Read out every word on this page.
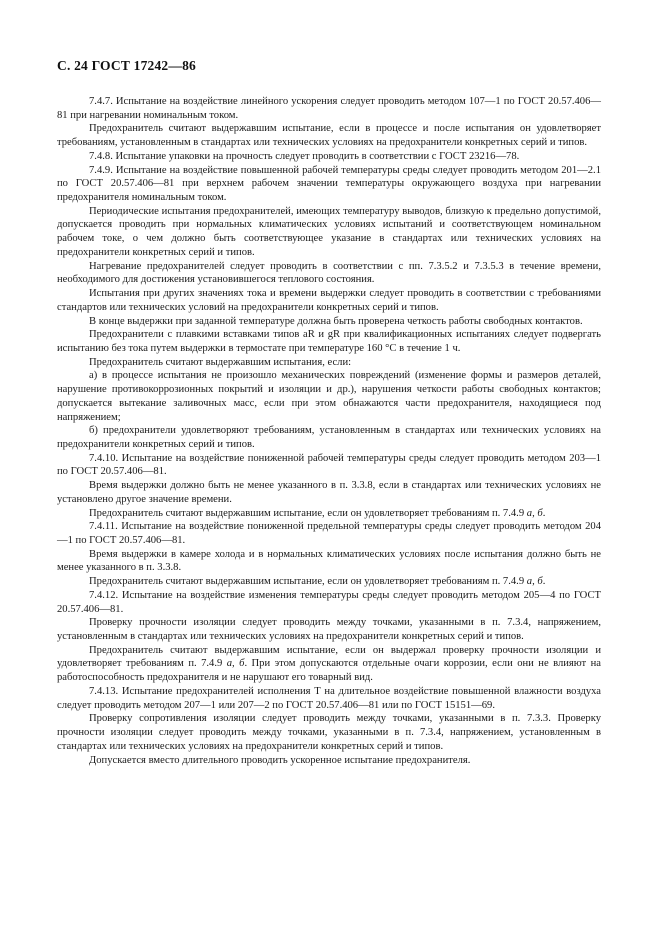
С. 24 ГОСТ 17242—86

7.4.7. Испытание на воздействие линейного ускорения следует проводить методом 107—1 по ГОСТ 20.57.406—81 при нагревании номинальным током.

Предохранитель считают выдержавшим испытание, если в процессе и после испытания он удовлетворяет требованиям, установленным в стандартах или технических условиях на предохранители конкретных серий и типов.

7.4.8. Испытание упаковки на прочность следует проводить в соответствии с ГОСТ 23216—78.

7.4.9. Испытание на воздействие повышенной рабочей температуры среды следует проводить методом 201—2.1 по ГОСТ 20.57.406—81 при верхнем рабочем значении температуры окружающего воздуха при нагревании предохранителя номинальным током.

Периодические испытания предохранителей, имеющих температуру выводов, близкую к предельно допустимой, допускается проводить при нормальных климатических условиях испытаний и соответствующем номинальном рабочем токе, о чем должно быть соответствующее указание в стандартах или технических условиях на предохранители конкретных серий и типов.

Нагревание предохранителей следует проводить в соответствии с пп. 7.3.5.2 и 7.3.5.3 в течение времени, необходимого для достижения установившегося теплового состояния.

Испытания при других значениях тока и времени выдержки следует проводить в соответствии с требованиями стандартов или технических условий на предохранители конкретных серий и типов.

В конце выдержки при заданной температуре должна быть проверена четкость работы свободных контактов.

Предохранители с плавкими вставками типов aR и gR при квалификационных испытаниях следует подвергать испытанию без тока путем выдержки в термостате при температуре 160 °С в течение 1 ч.

Предохранитель считают выдержавшим испытания, если:

а) в процессе испытания не произошло механических повреждений (изменение формы и размеров деталей, нарушение противокоррозионных покрытий и изоляции и др.), нарушения четкости работы свободных контактов; допускается вытекание заливочных масс, если при этом обнажаются части предохранителя, находящиеся под напряжением;

б) предохранители удовлетворяют требованиям, установленным в стандартах или технических условиях на предохранители конкретных серий и типов.

7.4.10. Испытание на воздействие пониженной рабочей температуры среды следует проводить методом 203—1 по ГОСТ 20.57.406—81.

Время выдержки должно быть не менее указанного в п. 3.3.8, если в стандартах или технических условиях не установлено другое значение времени.

Предохранитель считают выдержавшим испытание, если он удовлетворяет требованиям п. 7.4.9 а, б.

7.4.11. Испытание на воздействие пониженной предельной температуры среды следует проводить методом 204—1 по ГОСТ 20.57.406—81.

Время выдержки в камере холода и в нормальных климатических условиях после испытания должно быть не менее указанного в п. 3.3.8.

Предохранитель считают выдержавшим испытание, если он удовлетворяет требованиям п. 7.4.9 а, б.

7.4.12. Испытание на воздействие изменения температуры среды следует проводить методом 205—4 по ГОСТ 20.57.406—81.

Проверку прочности изоляции следует проводить между точками, указанными в п. 7.3.4, напряжением, установленным в стандартах или технических условиях на предохранители конкретных серий и типов.

Предохранитель считают выдержавшим испытание, если он выдержал проверку прочности изоляции и удовлетворяет требованиям п. 7.4.9 а, б. При этом допускаются отдельные очаги коррозии, если они не влияют на работоспособность предохранителя и не нарушают его товарный вид.

7.4.13. Испытание предохранителей исполнения Т на длительное воздействие повышенной влажности воздуха следует проводить методом 207—1 или 207—2 по ГОСТ 20.57.406—81 или по ГОСТ 15151—69.

Проверку сопротивления изоляции следует проводить между точками, указанными в п. 7.3.3. Проверку прочности изоляции следует проводить между точками, указанными в п. 7.3.4, напряжением, установленным в стандартах или технических условиях на предохранители конкретных серий и типов.

Допускается вместо длительного проводить ускоренное испытание предохранителя.
